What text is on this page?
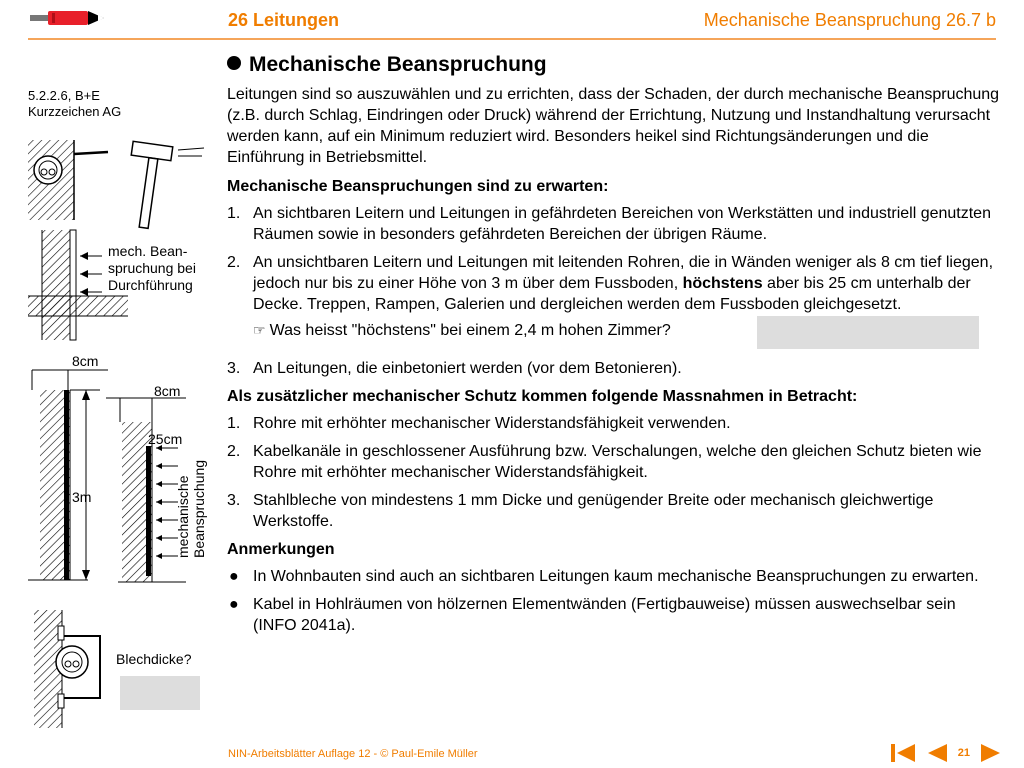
26 Leitungen	Mechanische Beanspruchung 26.7 b
5.2.2.6, B+E
Kurzzeichen AG
mech. Bean-
spruchung bei
Durchführung
8cm
3m
8cm
25cm
mechanische Beanspruchung
Blechdicke?
Mechanische Beanspruchung

Leitungen sind so auszuwählen und zu errichten, dass der Schaden, der durch mechanische Beanspruchung (z.B. durch Schlag, Eindringen oder Druck) während der Errichtung, Nutzung und Instandhaltung verursacht werden kann, auf ein Minimum reduziert wird. Besonders heikel sind Richtungsänderungen und die Einführung in Betriebsmittel.

Mechanische Beanspruchungen sind zu erwarten:
1. An sichtbaren Leitern und Leitungen in gefährdeten Bereichen von Werkstätten und industriell genutzten Räumen sowie in besonders gefährdeten Bereichen der übrigen Räume.
2. An unsichtbaren Leitern und Leitungen mit leitenden Rohren, die in Wänden weniger als 8 cm tief liegen, jedoch nur bis zu einer Höhe von 3 m über dem Fussboden, höchstens aber bis 25 cm unterhalb der Decke. Treppen, Rampen, Galerien und dergleichen werden dem Fussboden gleichgesetzt.
☞ Was heisst "höchstens" bei einem 2,4 m hohen Zimmer?
3. An Leitungen, die einbetoniert werden (vor dem Betonieren).
Als zusätzlicher mechanischer Schutz kommen folgende Massnahmen in Betracht:
1. Rohre mit erhöhter mechanischer Widerstandsfähigkeit verwenden.
2. Kabelkanäle in geschlossener Ausführung bzw. Verschalungen, welche den gleichen Schutz bieten wie Rohre mit erhöhter mechanischer Widerstandsfähigkeit.
3. Stahlbleche von mindestens 1 mm Dicke und genügender Breite oder mechanisch gleichwertige Werkstoffe.
Anmerkungen
● In Wohnbauten sind auch an sichtbaren Leitungen kaum mechanische Beanspruchungen zu erwarten.
● Kabel in Hohlräumen von hölzernen Elementwänden (Fertigbauweise) müssen auswechselbar sein (INFO 2041a).
NIN-Arbeitsblätter Auflage 12 - © Paul-Emile Müller	21
